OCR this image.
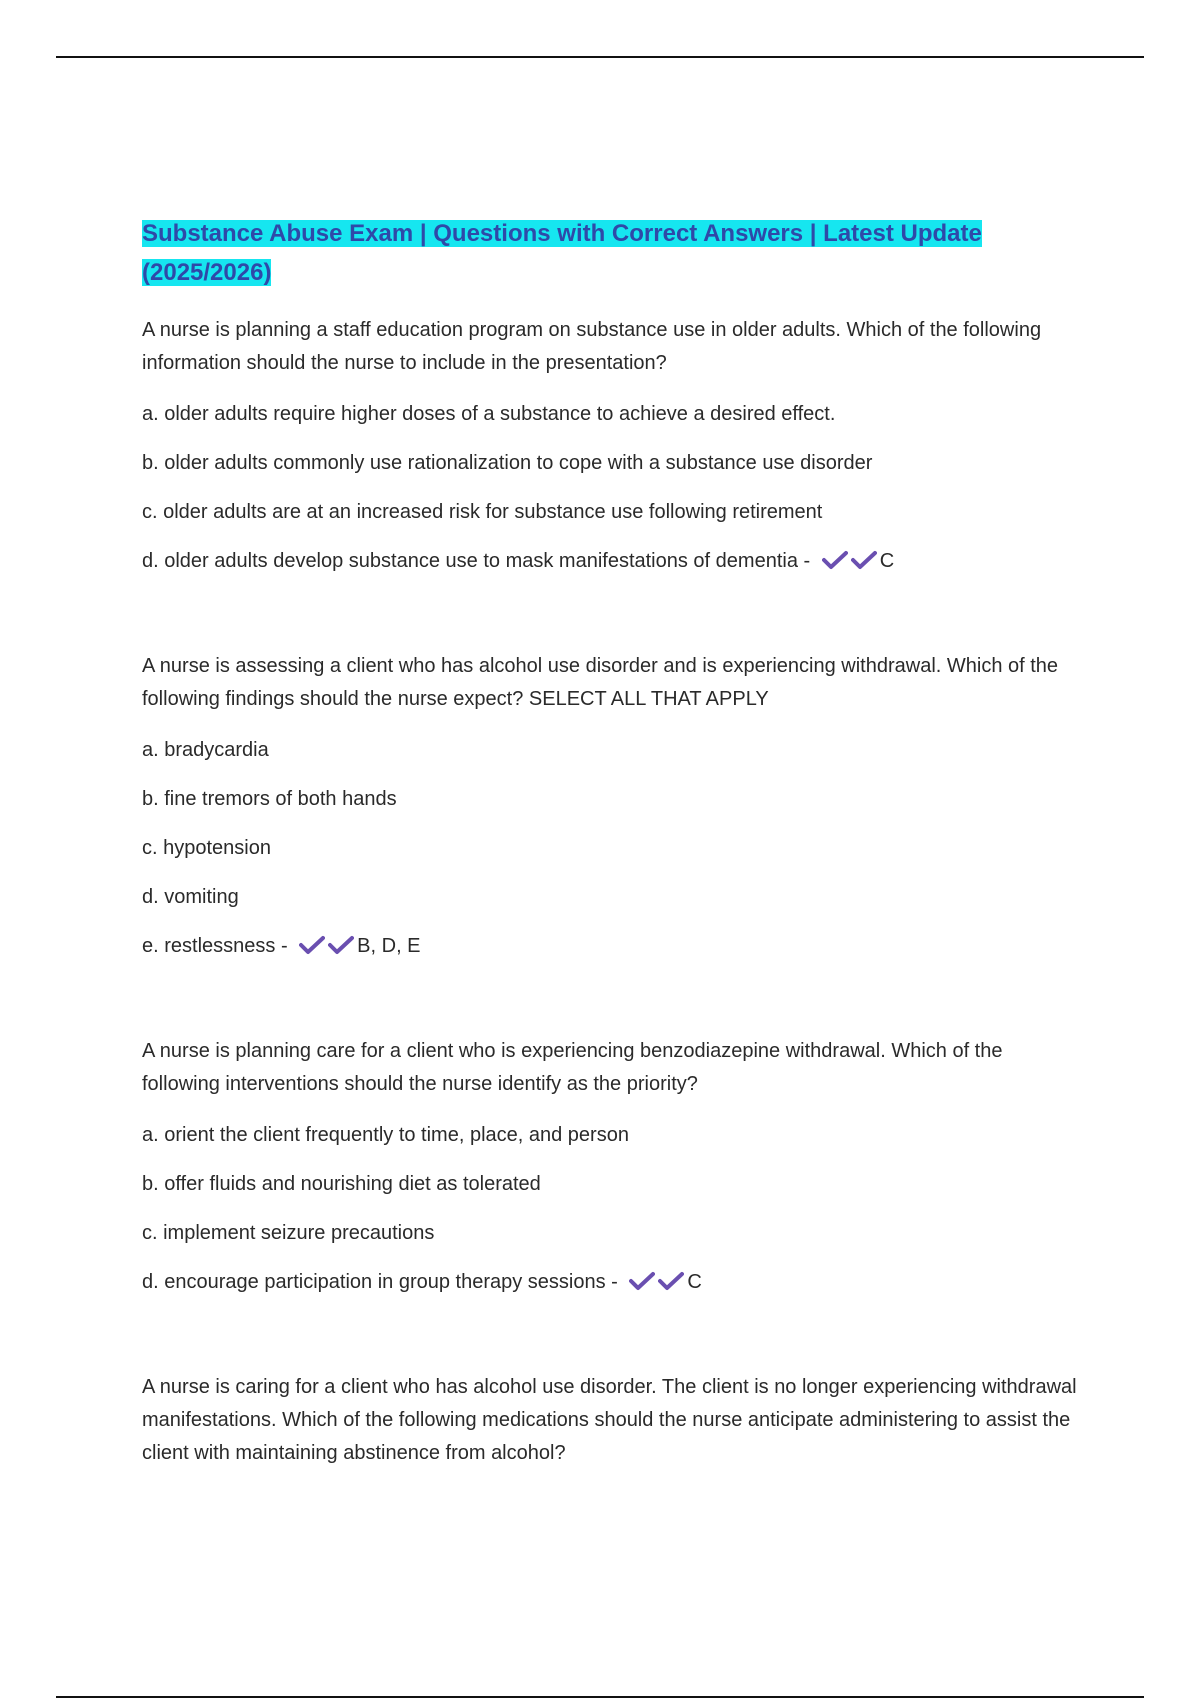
Substance Abuse Exam | Questions with Correct Answers | Latest Update
(2025/2026)

A nurse is planning a staff education program on substance use in older adults. Which of the following information should the nurse to include in the presentation?

a. older adults require higher doses of a substance to achieve a desired effect.

b. older adults commonly use rationalization to cope with a substance use disorder

c. older adults are at an increased risk for substance use following retirement

d. older adults develop substance use to mask manifestations of dementia -	C

A nurse is assessing a client who has alcohol use disorder and is experiencing withdrawal. Which of the following findings should the nurse expect? SELECT ALL THAT APPLY

a. bradycardia

b. fine tremors of both hands

c. hypotension

d. vomiting

e. restlessness -	B, D, E

A nurse is planning care for a client who is experiencing benzodiazepine withdrawal. Which of the following interventions should the nurse identify as the priority?

a. orient the client frequently to time, place, and person

b. offer fluids and nourishing diet as tolerated

c. implement seizure precautions

d. encourage participation in group therapy sessions -	C

A nurse is caring for a client who has alcohol use disorder. The client is no longer experiencing withdrawal manifestations. Which of the following medications should the nurse anticipate administering to assist the client with maintaining abstinence from alcohol?
